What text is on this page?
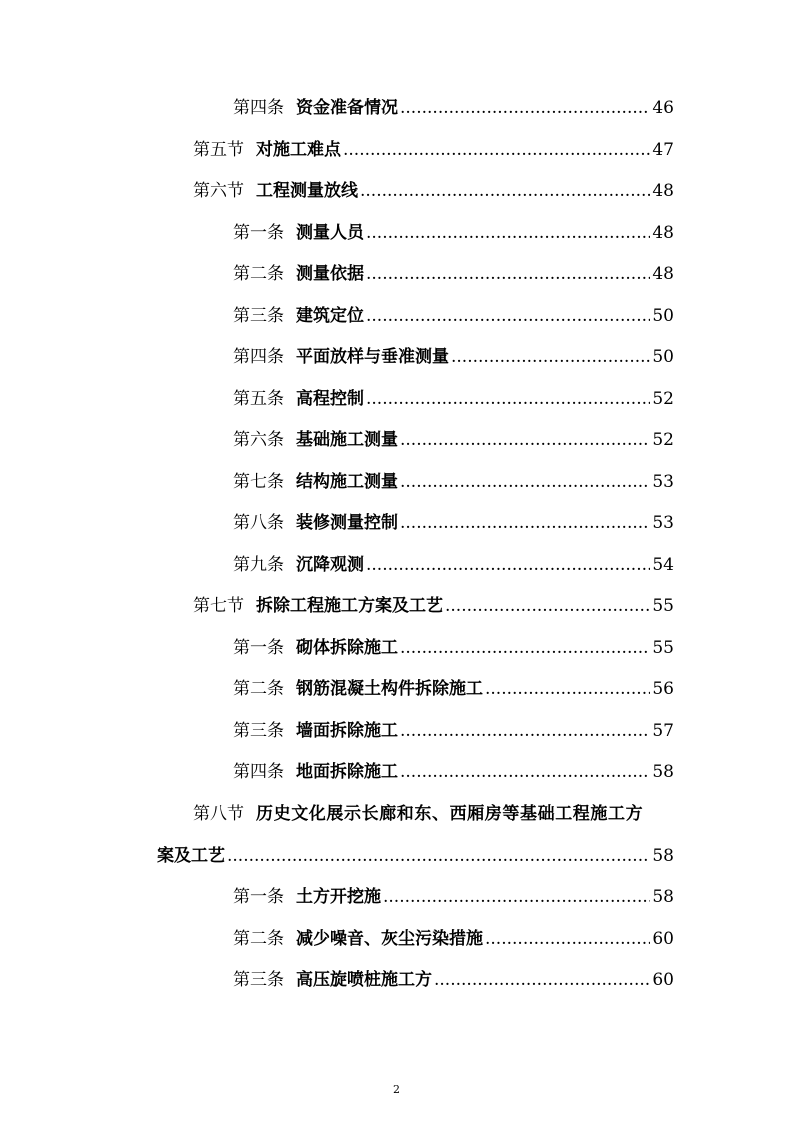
第四条 资金准备情况 .....	46
第五节 对施工难点 .....	47
第六节 工程测量放线 .....	48
第一条 测量人员 .....	48
第二条 测量依据 .....	48
第三条 建筑定位 .....	50
第四条 平面放样与垂准测量 .....	50
第五条 高程控制 .....	52
第六条 基础施工测量 .....	52
第七条 结构施工测量 .....	53
第八条 装修测量控制 .....	53
第九条 沉降观测 .....	54
第七节 拆除工程施工方案及工艺 .....	55
第一条 砌体拆除施工 .....	55
第二条 钢筋混凝土构件拆除施工 .....	56
第三条 墙面拆除施工 .....	57
第四条 地面拆除施工 .....	58
第八节 历史文化展示长廊和东、西厢房等基础工程施工方
案及工艺 .....	58
第一条 土方开挖施 .....	58
第二条 减少噪音、灰尘污染措施 .....	60
第三条 高压旋喷桩施工方 .....	60
2
